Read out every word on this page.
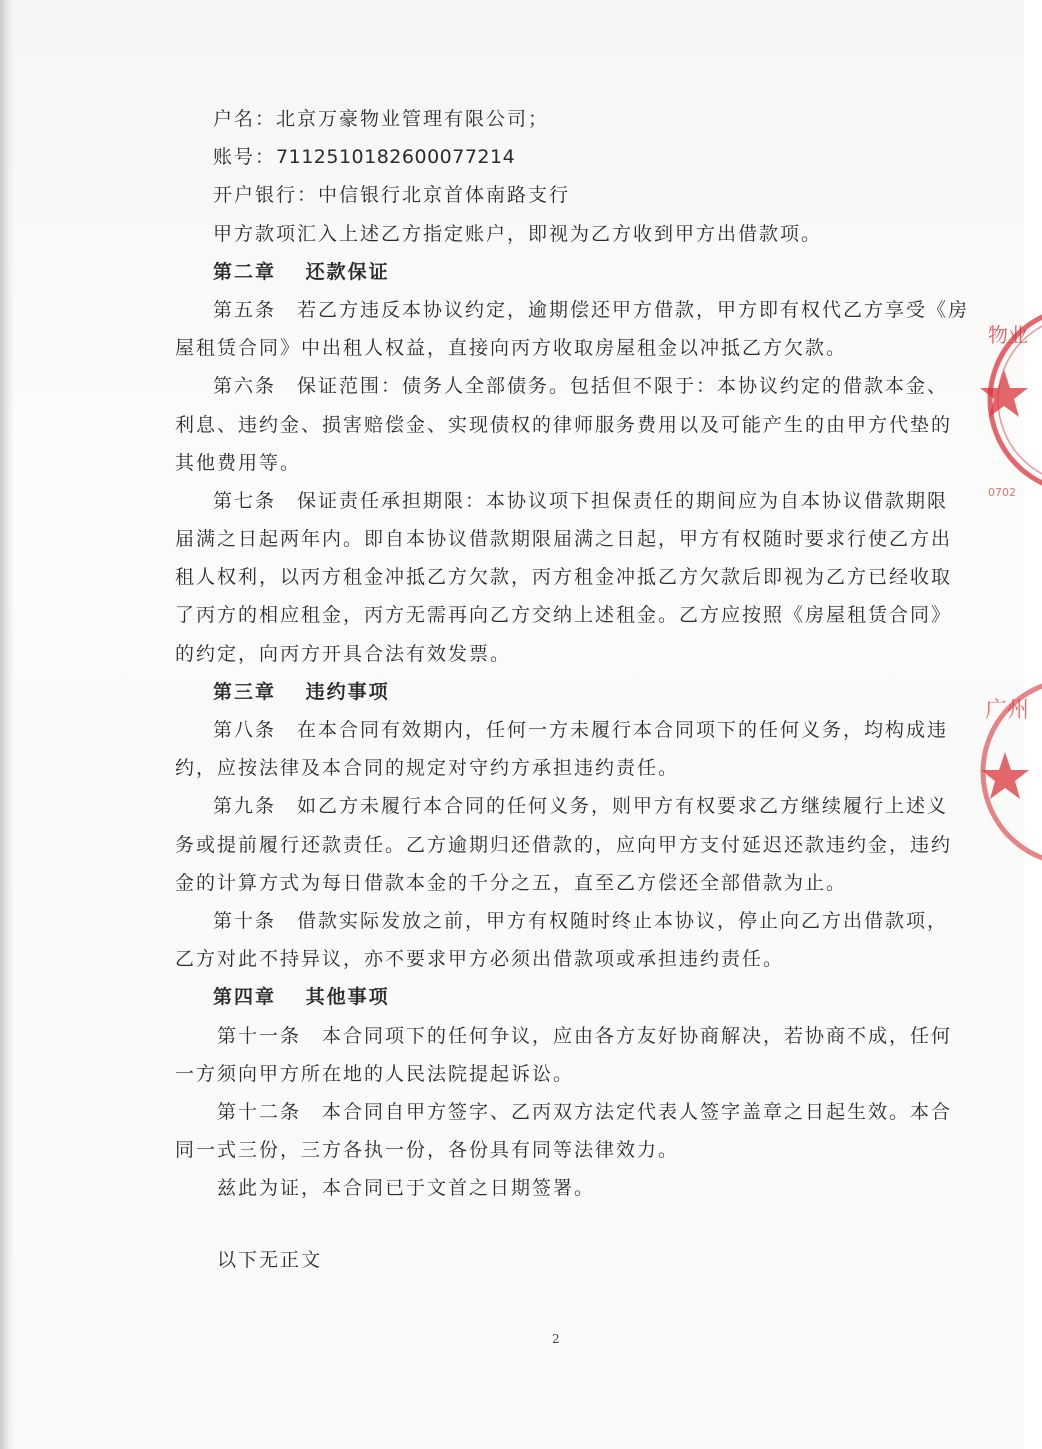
户名：北京万豪物业管理有限公司；
账号：7112510182600077214
开户银行：中信银行北京首体南路支行
甲方款项汇入上述乙方指定账户，即视为乙方收到甲方出借款项。
第二章　 还款保证
第五条　若乙方违反本协议约定，逾期偿还甲方借款，甲方即有权代乙方享受《房
屋租赁合同》中出租人权益，直接向丙方收取房屋租金以冲抵乙方欠款。
第六条　保证范围：债务人全部债务。包括但不限于：本协议约定的借款本金、
利息、违约金、损害赔偿金、实现债权的律师服务费用以及可能产生的由甲方代垫的
其他费用等。
第七条　保证责任承担期限：本协议项下担保责任的期间应为自本协议借款期限
届满之日起两年内。即自本协议借款期限届满之日起，甲方有权随时要求行使乙方出
租人权利，以丙方租金冲抵乙方欠款，丙方租金冲抵乙方欠款后即视为乙方已经收取
了丙方的相应租金，丙方无需再向乙方交纳上述租金。乙方应按照《房屋租赁合同》
的约定，向丙方开具合法有效发票。
第三章　 违约事项
第八条　在本合同有效期内，任何一方未履行本合同项下的任何义务，均构成违
约，应按法律及本合同的规定对守约方承担违约责任。
第九条　如乙方未履行本合同的任何义务，则甲方有权要求乙方继续履行上述义
务或提前履行还款责任。乙方逾期归还借款的，应向甲方支付延迟还款违约金，违约
金的计算方式为每日借款本金的千分之五，直至乙方偿还全部借款为止。
第十条　借款实际发放之前，甲方有权随时终止本协议，停止向乙方出借款项，
乙方对此不持异议，亦不要求甲方必须出借款项或承担违约责任。
第四章　 其他事项
第十一条　本合同项下的任何争议，应由各方友好协商解决，若协商不成，任何
一方须向甲方所在地的人民法院提起诉讼。
第十二条　本合同自甲方签字、乙丙双方法定代表人签字盖章之日起生效。本合
同一式三份，三方各执一份，各份具有同等法律效力。
兹此为证，本合同已于文首之日期签署。
以下无正文
2
物业
0702
广州
